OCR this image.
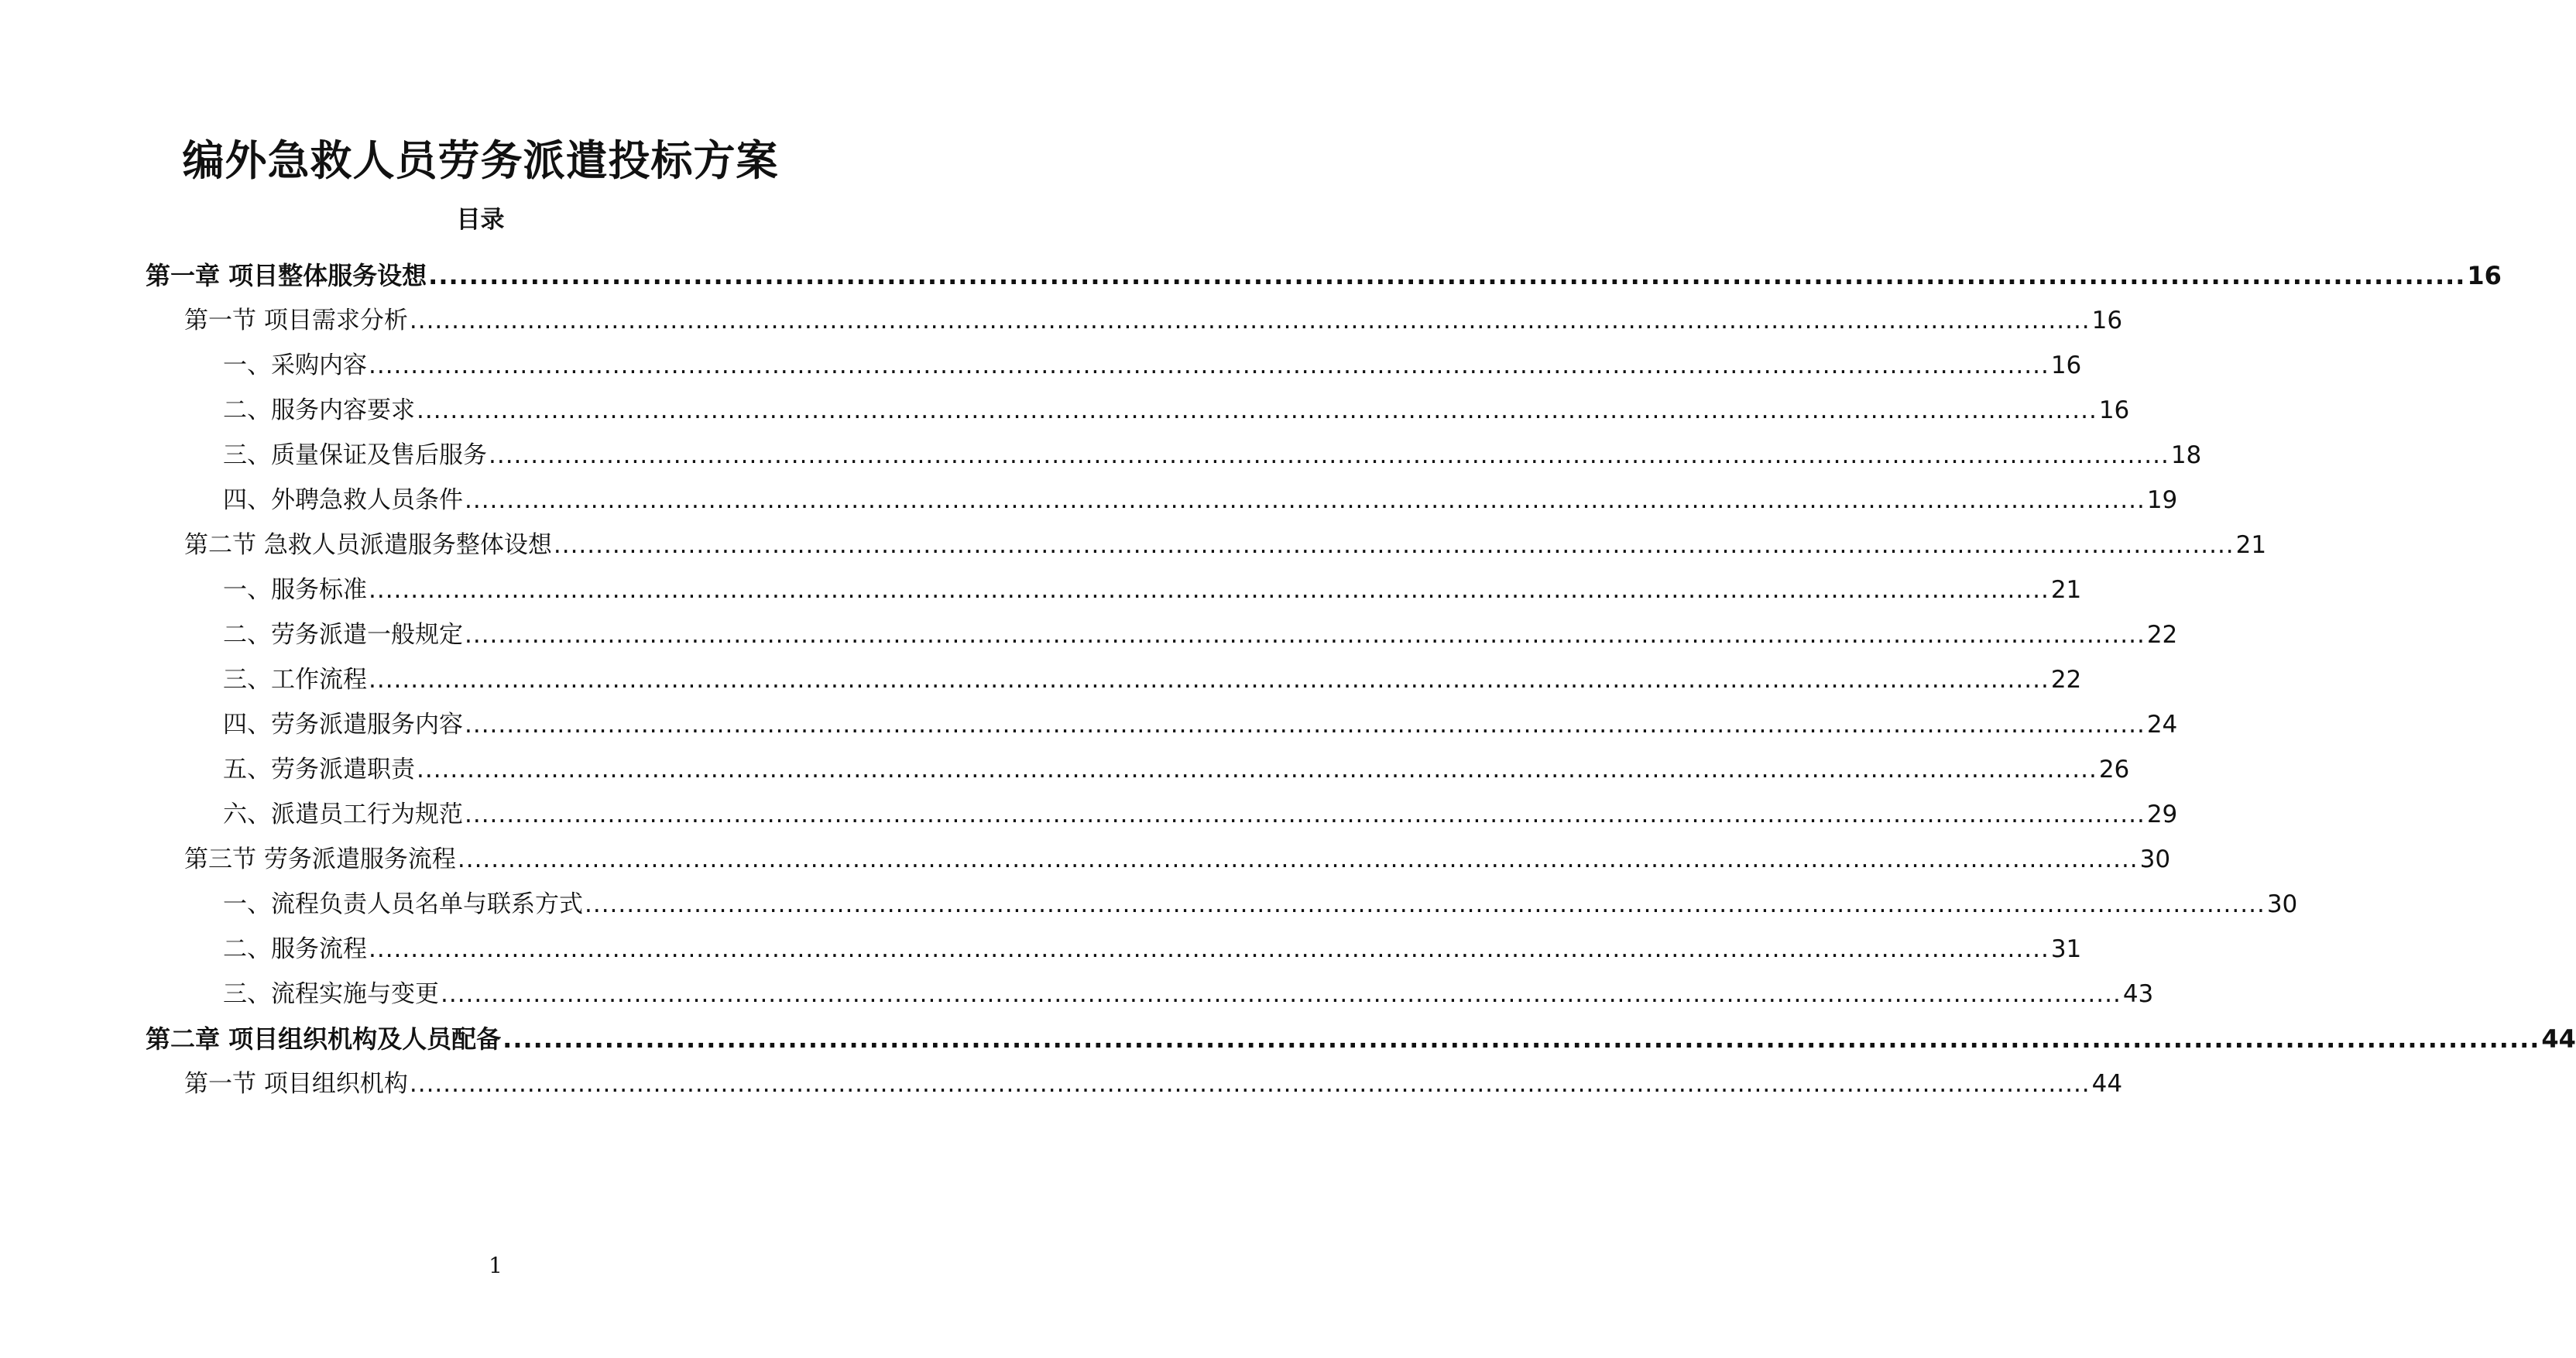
编外急救人员劳务派遣投标方案
目录
第一章 项目整体服务设想 ........................................................................................................................................................................................................ 16
第一节 项目需求分析 ........................................................................................................................................................................................................ 16
一、采购内容 ........................................................................................................................................................................................................ 16
二、服务内容要求 ........................................................................................................................................................................................................ 16
三、质量保证及售后服务 ........................................................................................................................................................................................................ 18
四、外聘急救人员条件 ........................................................................................................................................................................................................ 19
第二节 急救人员派遣服务整体设想 ........................................................................................................................................................................................................ 21
一、服务标准 ........................................................................................................................................................................................................ 21
二、劳务派遣一般规定 ........................................................................................................................................................................................................ 22
三、工作流程 ........................................................................................................................................................................................................ 22
四、劳务派遣服务内容 ........................................................................................................................................................................................................ 24
五、劳务派遣职责 ........................................................................................................................................................................................................ 26
六、派遣员工行为规范 ........................................................................................................................................................................................................ 29
第三节 劳务派遣服务流程 ........................................................................................................................................................................................................ 30
一、流程负责人员名单与联系方式 ........................................................................................................................................................................................................ 30
二、服务流程 ........................................................................................................................................................................................................ 31
三、流程实施与变更 ........................................................................................................................................................................................................ 43
第二章 项目组织机构及人员配备 ........................................................................................................................................................................................................ 44
第一节 项目组织机构 ........................................................................................................................................................................................................ 44
1
